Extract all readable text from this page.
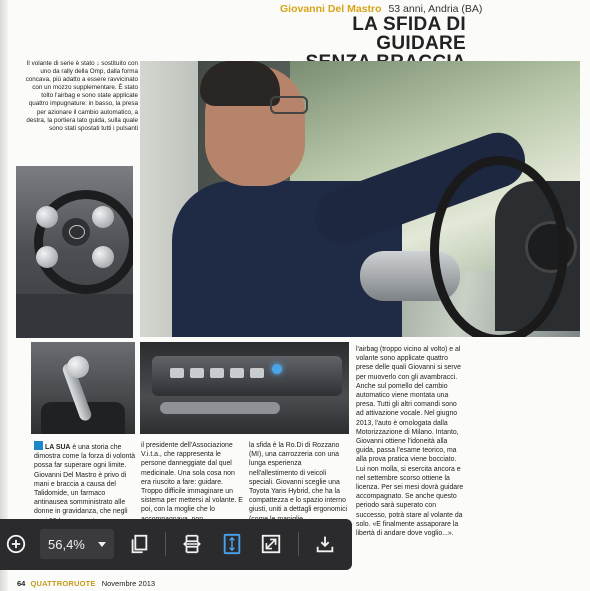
Giovanni Del Mastro 53 anni, Andria (BA)
LA SFIDA DI GUIDARE
Il volante di serie è stato ↓ sostituito con uno da rally della Omp, dalla forma concava, più adatto a essere ravvicinato con un mozzo supplementare. È stato tolto l'airbag e sono state applicate quattro impugnature: in basso, la presa per azionare il cambio automatico, a destra, la portiera lato guida, sulla quale sono stati spostati tutti i pulsanti
LA SUA è una storia che dimostra come la forza di volontà possa far superare ogni limite. Giovanni Del Mastro è privo di mani e braccia a causa del Talidomide, un farmaco antinausea somministrato alle donne in gravidanza, che negli
il presidente dell'Associazione V.i.t.a., che rappresenta le persone danneggiate dal quel medicinale. Una sola cosa non era riuscito a fare: guidare. Troppo difficile immaginare un sistema per mettersi al volante. E poi, con la moglie che lo
la sfida è la Ro.Di di Rozzano (MI), una carrozzeria con una lunga esperienza nell'allestimento di veicoli speciali. Giovanni sceglie una Toyota Yaris Hybrid, che ha la compattezza e lo spazio interno giusti, uniti a dettagli ergonomici
l'airbag (troppo vicino al volto) e al volante sono applicate quattro prese delle quali Giovanni si serve per muoverlo con gli avambracci. Anche sul pomello del cambio automatico viene montata una presa. Tutti gli altri comandi sono ad attivazione vocale. Nel giugno 2013, l'auto è omologata dalla Motorizzazione di Milano. Intanto, Giovanni ottiene l'idoneità alla guida, passa l'esame teorico, ma alla prova pratica viene bocciato. Lui non molla, si esercita ancora e nel settembre scorso ottiene la licenza. Per sei mesi dovrà guidare accompagnato. Se anche questo periodo sarà superato con successo, potrà stare al volante da solo. «E finalmente assaporare la libertà di andare dove voglio...».
64 QUATTRORUOTE Novembre 2013
56,4%
